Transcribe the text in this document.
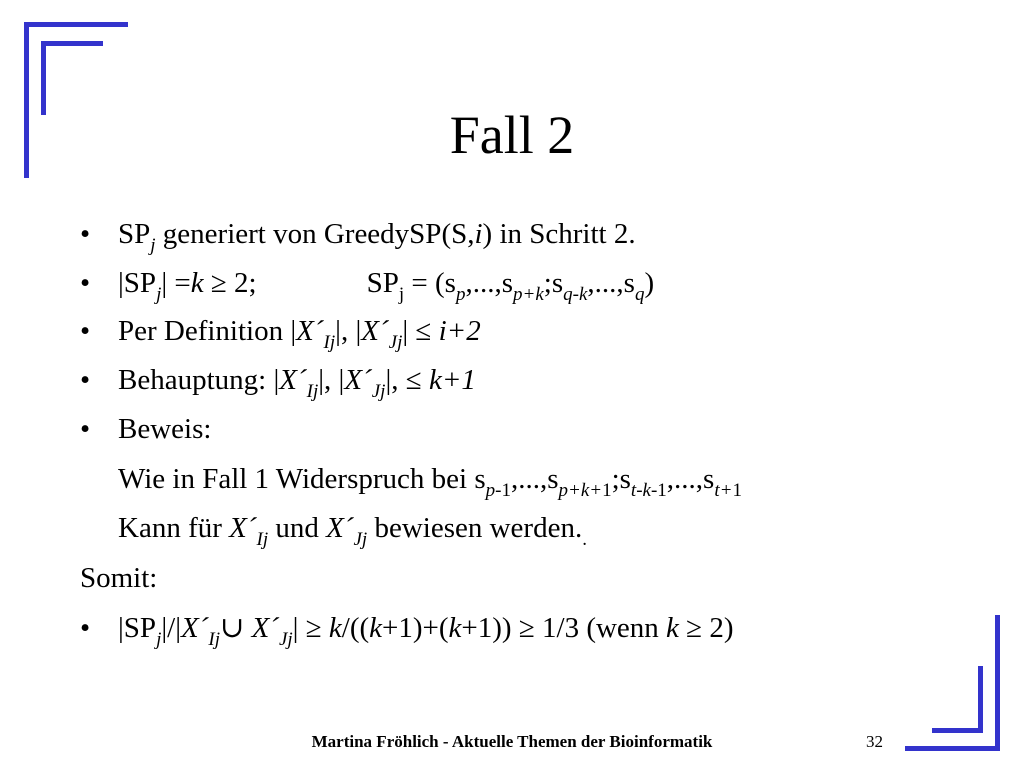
Fall 2
• $SP_j$ generiert von GreedySP(S,i) in Schritt 2.
• $|SP_j| =k \ge 2$;	$SP_j$ = $(s_p,...,s_{p+k};s_{q-k},...,s_q)$
• Per Definition $|X´_{Ij}|$, $|X´_{Jj}| \le i+2$
• Behauptung: $|X´_{Ij}|$, $|X´_{Jj}|$, ≤ k+1
• Beweis:
Wie in Fall 1 Widerspruch bei $s_{p-1},...,s_{p+k+1};s_{t-k-1},...,s_{t+1}$
Kann für $X´_{Ij}$ und $X´_{Jj}$ bewiesen $werden._.$
Somit:
• $|SP_j|/|X´_{Ij}\cup$ $X´_{Jj}| \ge k/((k+1)+(k+1)) \ge 1/3$ (wenn k ≥ 2)
Martina Fröhlich - Aktuelle Themen der Bioinformatik	32
